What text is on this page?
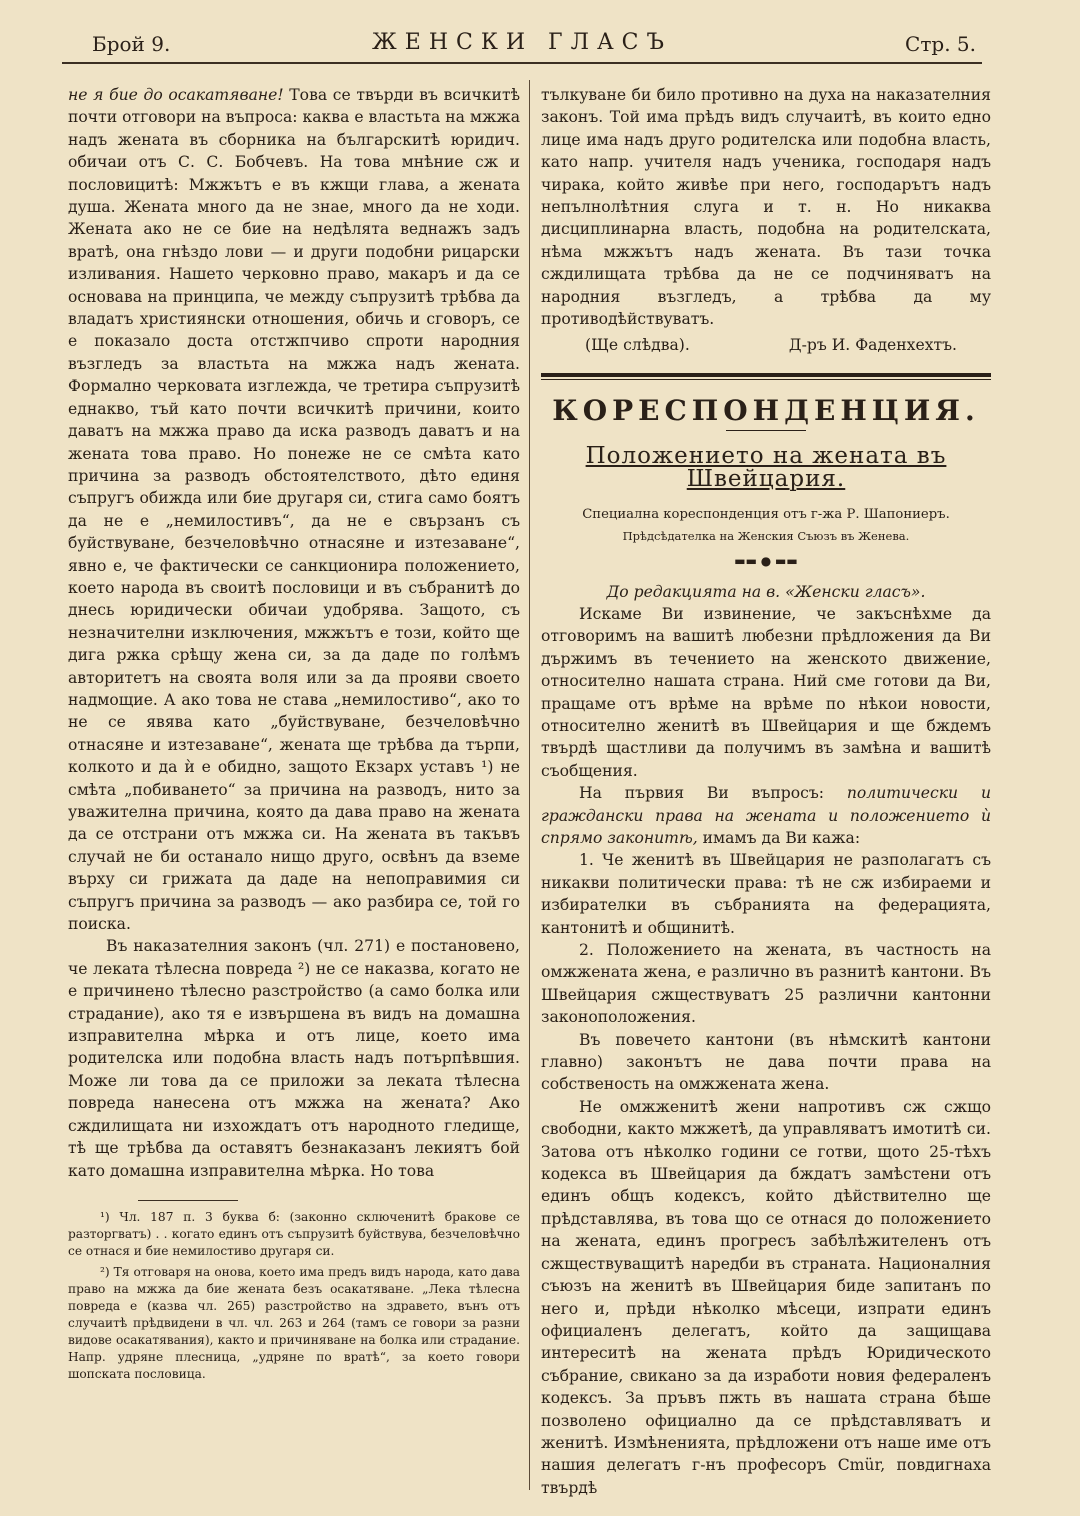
Брой 9.	ЖЕНСКИ ГЛАСЪ	Стр. 5.

не я бие до осакатяване! Това се твърди въ всичкитѣ почти отговори на въпроса: каква е властьта на мжжа надъ жената въ сборника на българскитѣ юридич. обичаи отъ С. С. Бобчевъ. На това мнѣние сж и пословицитѣ: Мжжътъ е въ кжщи глава, а жената душа. Жената много да не знае, много да не ходи. Жената ако не се бие на недѣлята веднажъ задъ вратѣ, она гнѣздо лови — и други подобни рицарски изливания. Нашето черковно право, макаръ и да се основава на принципа, че между съпрузитѣ трѣбва да владатъ християнски отношения, обичь и сговоръ, се е показало доста отстжпчиво спроти народния възгледъ за властьта на мжжа надъ жената. Формално черковата изглежда, че третира съпрузитѣ еднакво, тъй като почти всичкитѣ причини, които даватъ на мжжа право да иска разводъ даватъ и на жената това право. Но понеже не се смѣта като причина за разводъ обстоятелството, дѣто единя съпругъ обижда или бие другаря си, стига само боятъ да не е „немилостивъ“, да не е свързанъ съ буйствуване, безчеловѣчно отнасяне и изтезаване“, явно е, че фактически се санкционира положението, което народа въ своитѣ пословици и въ събранитѣ до днесь юридически обичаи удобрява. Защото, съ незначителни изключения, мжжътъ е този, който ще дига ржка срѣщу жена си, за да даде по голѣмъ авторитетъ на своята воля или за да прояви своето надмощие. А ако това не става „немилостиво“, ако то не се явява като „буйствуване, безчеловѣчно отнасяне и изтезаване“, жената ще трѣбва да търпи, колкото и да ѝ е обидно, защото Екзарх уставъ ¹) не смѣта „побиването“ за причина на разводъ, нито за уважителна причина, която да дава право на жената да се отстрани отъ мжжа си. На жената въ такъвъ случай не би останало нищо друго, освѣнъ да вземе върху си грижата да даде на непоправимия си съпругъ причина за разводъ — ако разбира се, той го поиска.

Въ наказателния законъ (чл. 271) е постановено, че леката тѣлесна повреда ²) не се наказва, когато не е причинено тѣлесно разстройство (а само болка или страдание), ако тя е извършена въ видъ на домашна изправителна мѣрка и отъ лице, което има родителска или подобна власть надъ потърпѣвшия. Може ли това да се приложи за леката тѣлесна повреда нанесена отъ мжжа на жената? Ако сждилищата ни изхождатъ отъ народното гледище, тѣ ще трѣбва да оставятъ безнаказанъ лекиятъ бой като домашна изправителна мѣрка. Но това

¹) Чл. 187 п. 3 буква б: (законно сключенитѣ бракове се разторгватъ) . . когато единъ отъ съпрузитѣ буйствува, безчеловѣчно се отнася и бие немилостиво другаря си.

²) Тя отговаря на онова, което има предъ видъ народа, като дава право на мжжа да бие жената безъ осакатяване. „Лека тѣлесна повреда е (казва чл. 265) разстройство на здравето, вънъ отъ случаитѣ прѣдвидени в чл. чл. 263 и 264 (тамъ се говори за разни видове осакатявания), както и причиняване на болка или страдание. Напр. удряне плесница, „удряне по вратѣ“, за което говори шопската пословица.

тълкуване би било противно на духа на наказателния законъ. Той има прѣдъ видъ случаитѣ, въ които едно лице има надъ друго родителска или подобна власть, като напр. учителя надъ ученика, господаря надъ чирака, който живѣе при него, господарътъ надъ непълнолѣтния слуга и т. н. Но никаква дисциплинарна власть, подобна на родителската, нѣма мжжътъ надъ жената. Въ тази точка сждилищата трѣбва да не се подчиняватъ на народния възгледъ, а трѣбва да му противодѣйствуватъ.

(Ще слѣдва).	Д-ръ И. Фаденхехтъ.
КОРЕСПОНДЕНЦИЯ.
Положението на жената въ Швейцария.
Специална кореспонденция отъ г-жа Р. Шапониеръ.
Прѣдсѣдателка на Женския Съюзъ въ Женева.
▬▬ ● ▬▬

До редакцията на в. «Женски гласъ».

Искаме Ви извинение, че закъснѣхме да отговоримъ на вашитѣ любезни прѣдложения да Ви държимъ въ течението на женското движение, относително нашата страна. Ний сме готови да Ви, пращаме отъ врѣме на врѣме по нѣкои новости, относително женитѣ въ Швейцария и ще бждемъ твърдѣ щастливи да получимъ въ замѣна и вашитѣ съобщения.

На първия Ви въпросъ: политически и граждански права на жената и положението ѝ спрямо законитѣ, имамъ да Ви кажа:

1. Че женитѣ въ Швейцария не разполагатъ съ никакви политически права: тѣ не сж избираеми и избирателки въ събранията на федерацията, кантонитѣ и общинитѣ.

2. Положението на жената, въ частность на омжжената жена, е различно въ разнитѣ кантони. Въ Швейцария сжществуватъ 25 различни кантонни законоположения.

Въ повечето кантони (въ нѣмскитѣ кантони главно) законътъ не дава почти права на собственость на омжжената жена.

Не омжженитѣ жени напротивъ сж сжщо свободни, както мжжетѣ, да управляватъ имотитѣ си. Затова отъ нѣколко години се готви, щото 25-тѣхъ кодекса въ Швейцария да бждатъ замѣстени отъ единъ общъ кодексъ, който дѣйствително ще прѣдставлява, въ това що се отнася до положението на жената, единъ прогресъ забѣлѣжителенъ отъ сжществуващитѣ наредби въ страната. Националния съюзъ на женитѣ въ Швейцария биде запитанъ по него и, прѣди нѣколко мѣсеци, изпрати единъ официаленъ делегатъ, който да защищава интереситѣ на жената прѣдъ Юридическото събрание, свикано за да изработи новия федераленъ кодексъ. За пръвъ пжть въ нашата страна бѣше позволено официално да се прѣдставляватъ и женитѣ. Измѣненията, прѣдложени отъ наше име отъ нашия делегатъ г-нъ професоръ Cmür, повдигнаха твърдѣ
